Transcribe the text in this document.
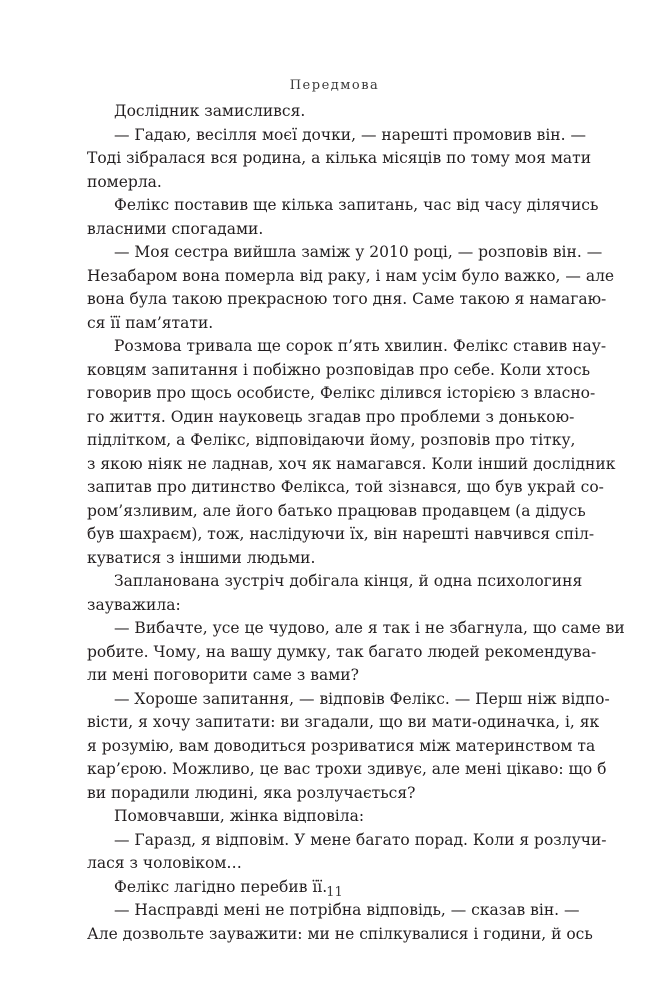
Передмова
Дослідник замислився.
— Гадаю, весілля моєї дочки, — нарешті промовив він. —
Тоді зібралася вся родина, а кілька місяців по тому моя мати
померла.
Фелікс поставив ще кілька запитань, час від часу ділячись
власними спогадами.
— Моя сестра вийшла заміж у 2010 році, — розповів він. —
Незабаром вона померла від раку, і нам усім було важко, — але
вона була такою прекрасною того дня. Саме такою я намагаю-
ся її пам’ятати.
Розмова тривала ще сорок п’ять хвилин. Фелікс ставив нау-
ковцям запитання і побіжно розповідав про себе. Коли хтось
говорив про щось особисте, Фелікс ділився історією з власно-
го життя. Один науковець згадав про проблеми з донькою-
підлітком, а Фелікс, відповідаючи йому, розповів про тітку,
з якою ніяк не ладнав, хоч як намагався. Коли інший дослідник
запитав про дитинство Фелікса, той зізнався, що був украй со-
ром’язливим, але його батько працював продавцем (а дідусь
був шахраєм), тож, наслідуючи їх, він нарешті навчився спіл-
куватися з іншими людьми.
Запланована зустріч добігала кінця, й одна психологиня
зауважила:
— Вибачте, усе це чудово, але я так і не збагнула, що саме ви
робите. Чому, на вашу думку, так багато людей рекомендува-
ли мені поговорити саме з вами?
— Хороше запитання, — відповів Фелікс. — Перш ніж відпо-
вісти, я хочу запитати: ви згадали, що ви мати-одиначка, і, як
я розумію, вам доводиться розриватися між материнством та
кар’єрою. Можливо, це вас трохи здивує, але мені цікаво: що б
ви порадили людині, яка розлучається?
Помовчавши, жінка відповіла:
— Гаразд, я відповім. У мене багато порад. Коли я розлучи-
лася з чоловіком…
Фелікс лагідно перебив її.
— Насправді мені не потрібна відповідь, — сказав він. —
Але дозвольте зауважити: ми не спілкувалися і години, й ось
11
